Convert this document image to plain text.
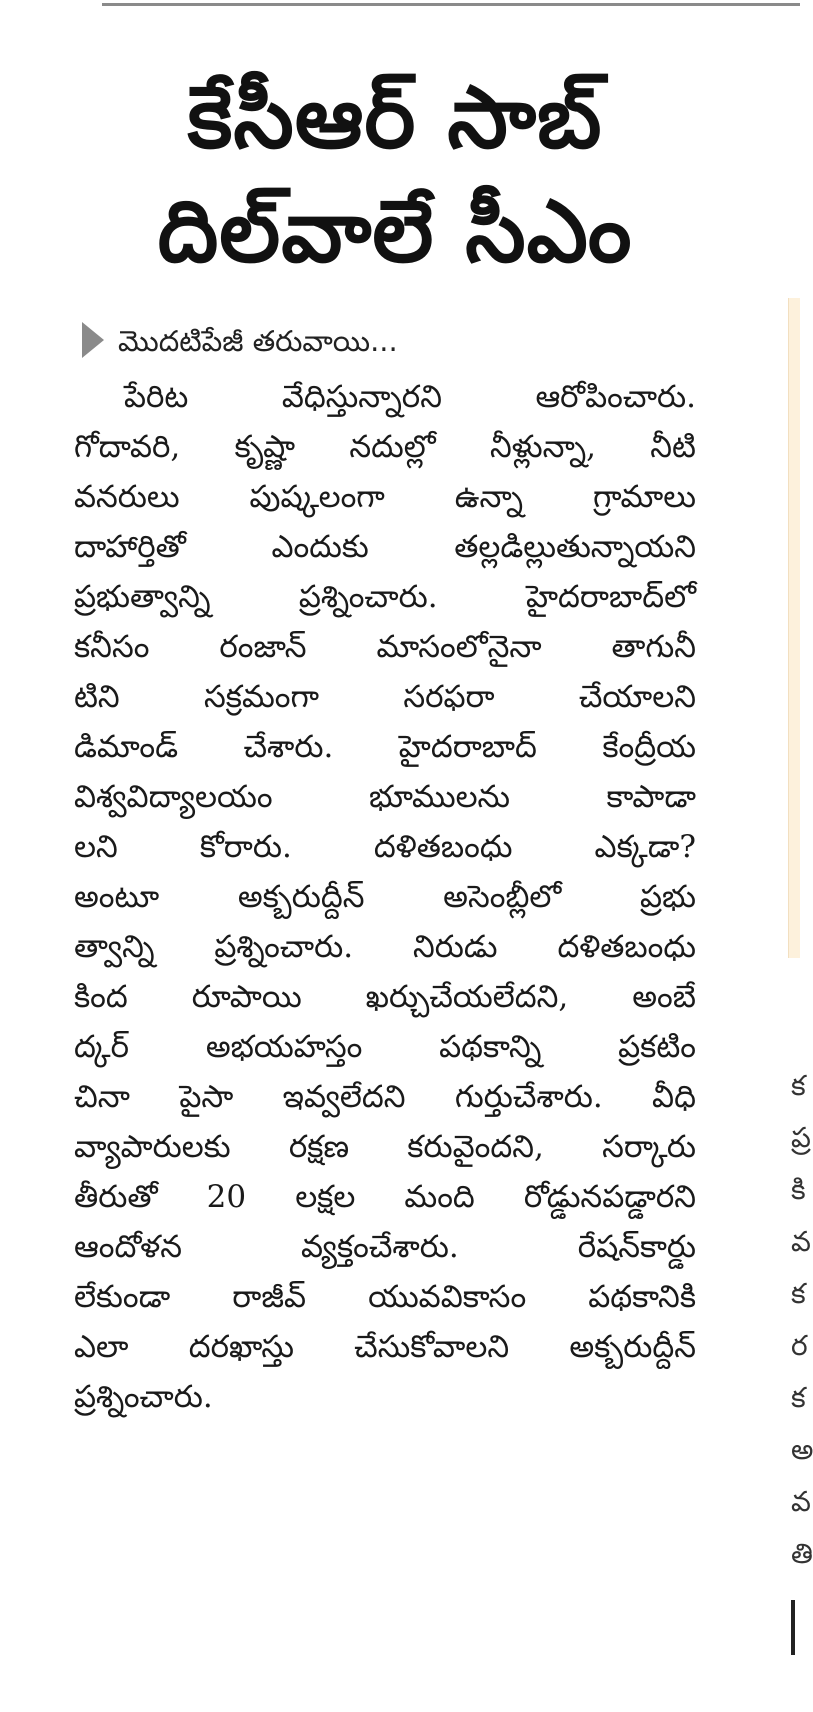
కేసీఆర్ సాబ్
దిల్‌వాలే సీఎం
మొదటిపేజీ తరువాయి...
పేరిట వేధిస్తున్నారని ఆరోపించారు.
గోదావరి, కృష్ణా నదుల్లో నీళ్లున్నా, నీటి
వనరులు పుష్కలంగా ఉన్నా గ్రామాలు
దాహార్తితో ఎందుకు తల్లడిల్లుతున్నాయని
ప్రభుత్వాన్ని ప్రశ్నించారు. హైదరాబాద్‌లో
కనీసం రంజాన్ మాసంలోనైనా తాగునీ
టిని సక్రమంగా సరఫరా చేయాలని
డిమాండ్ చేశారు. హైదరాబాద్ కేంద్రీయ
విశ్వవిద్యాలయం భూములను కాపాడా
లని కోరారు. దళితబంధు ఎక్కడా?
అంటూ అక్బరుద్దీన్ అసెంబ్లీలో ప్రభు
త్వాన్ని ప్రశ్నించారు. నిరుడు దళితబంధు
కింద రూపాయి ఖర్చుచేయలేదని, అంబే
ద్కర్ అభయహస్తం పథకాన్ని ప్రకటిం
చినా పైసా ఇవ్వలేదని గుర్తుచేశారు. వీధి
వ్యాపారులకు రక్షణ కరువైందని, సర్కారు
తీరుతో 20 లక్షల మంది రోడ్డునపడ్డారని
ఆందోళన వ్యక్తంచేశారు. రేషన్‌కార్డు
లేకుండా రాజీవ్ యువవికాసం పథకానికి
ఎలా దరఖాస్తు చేసుకోవాలని అక్బరుద్దీన్
ప్రశ్నించారు.
క
ప్ర
కి
వ
క
ర
క
అ
వ
తి
